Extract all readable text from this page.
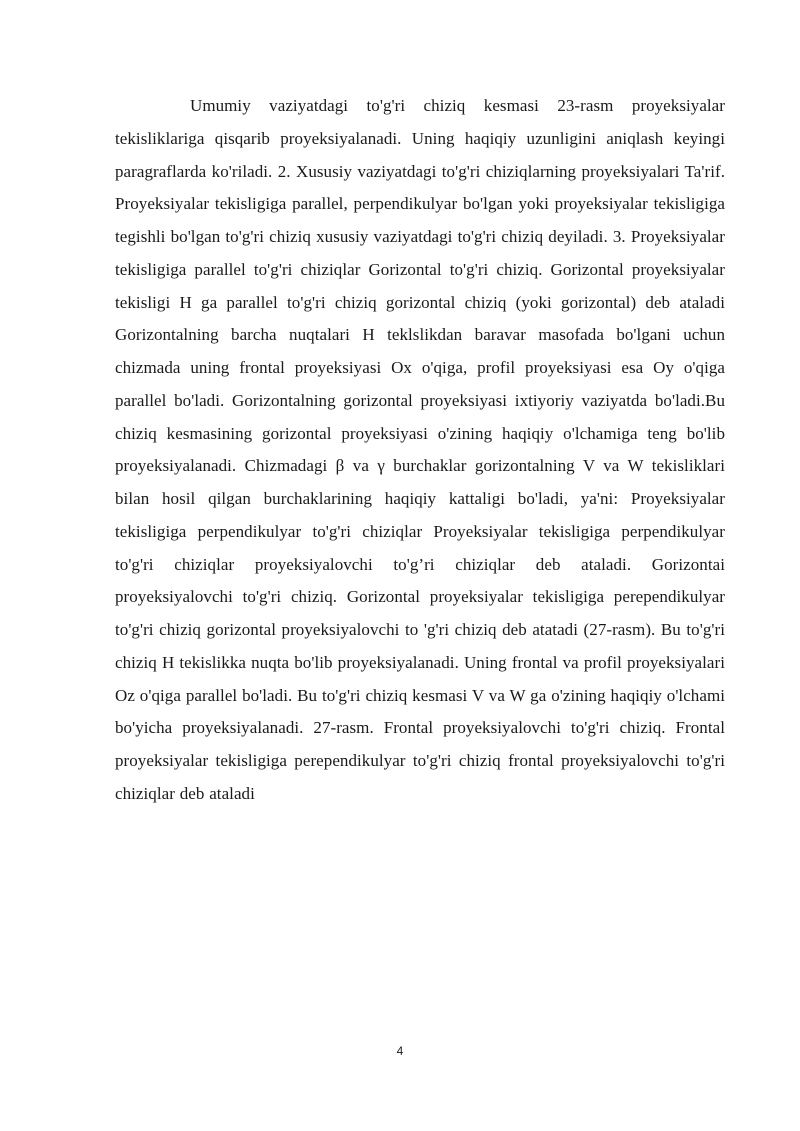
Umumiy vaziyatdagi to'g'ri chiziq kesmasi 23-rasm proyeksiyalar tekisliklariga qisqarib proyeksiyalanadi. Uning haqiqiy uzunligini aniqlash keyingi paragraflarda ko'riladi. 2. Xususiy vaziyatdagi to'g'ri chiziqlarning proyeksiyalari Ta'rif. Proyeksiyalar tekisligiga parallel, perpendikulyar bo'lgan yoki proyeksiyalar tekisligiga tegishli bo'lgan to'g'ri chiziq xususiy vaziyatdagi to'g'ri chiziq deyiladi. 3. Proyeksiyalar tekisligiga parallel to'g'ri chiziqlar Gorizontal to'g'ri chiziq. Gorizontal proyeksiyalar tekisligi H ga parallel to'g'ri chiziq gorizontal chiziq (yoki gorizontal) deb ataladi Gorizontalning barcha nuqtalari H teklslikdan baravar masofada bo'lgani uchun chizmada uning frontal proyeksiyasi Ox o'qiga, profil proyeksiyasi esa Oy o'qiga parallel bo'ladi. Gorizontalning gorizontal proyeksiyasi ixtiyoriy vaziyatda bo'ladi.Bu chiziq kesmasining gorizontal proyeksiyasi o'zining haqiqiy o'lchamiga teng bo'lib proyeksiyalanadi. Chizmadagi β va γ burchaklar gorizontalning V va W tekisliklari bilan hosil qilgan burchaklarining haqiqiy kattaligi bo'ladi, ya'ni: Proyeksiyalar tekisligiga perpendikulyar to'g'ri chiziqlar Proyeksiyalar tekisligiga perpendikulyar to'g'ri chiziqlar proyeksiyalovchi to'g’ri chiziqlar deb ataladi. Gorizontai proyeksiyalovchi to'g'ri chiziq. Gorizontal proyeksiyalar tekisligiga perependikulyar to'g'ri chiziq gorizontal proyeksiyalovchi to 'g'ri chiziq deb atatadi (27-rasm). Bu to'g'ri chiziq H tekislikka nuqta bo'lib proyeksiyalanadi. Uning frontal va profil proyeksiyalari Oz o'qiga parallel bo'ladi. Bu to'g'ri chiziq kesmasi V va W ga o'zining haqiqiy o'lchami bo'yicha proyeksiyalanadi. 27-rasm. Frontal proyeksiyalovchi to'g'ri chiziq. Frontal proyeksiyalar tekisligiga perependikulyar to'g'ri chiziq frontal proyeksiyalovchi to'g'ri chiziqlar deb ataladi

4
